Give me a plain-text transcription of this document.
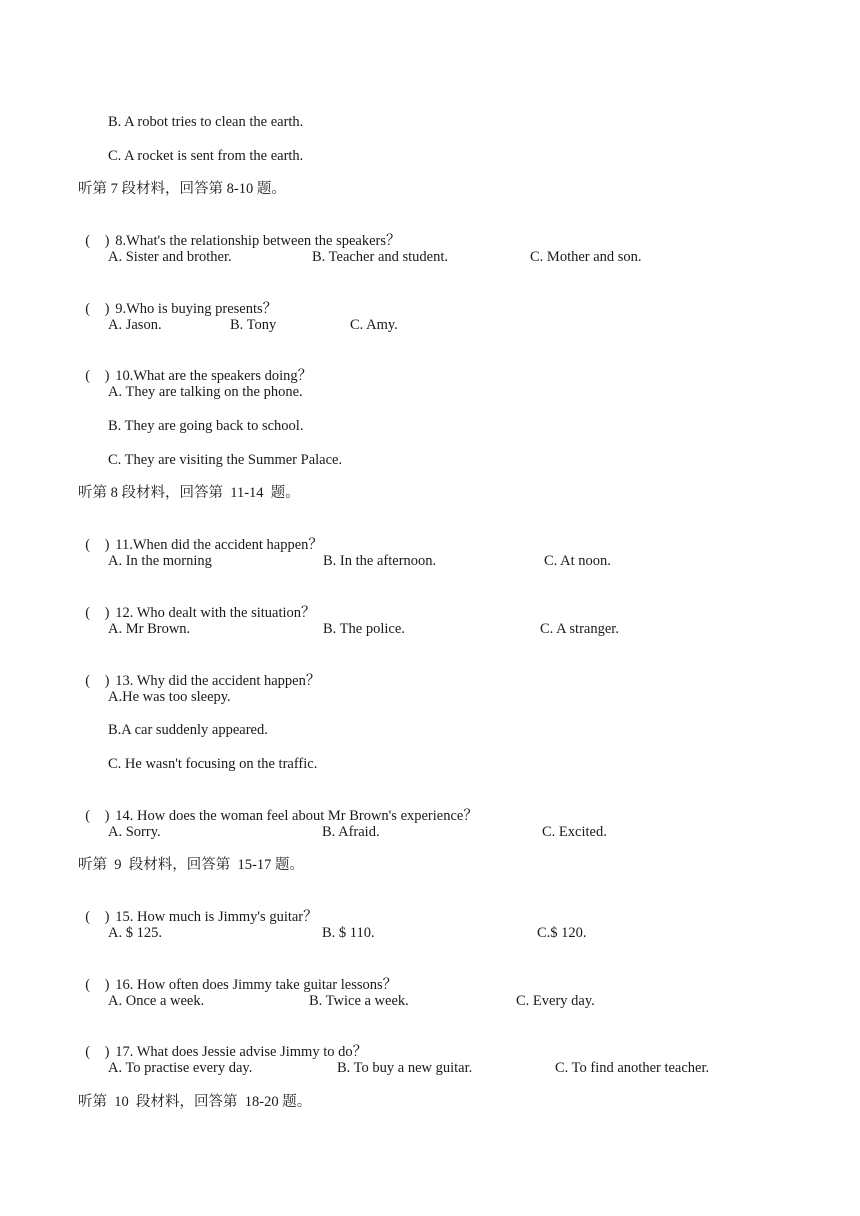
B. A robot tries to clean the earth.
C. A rocket is sent from the earth.
听第 7 段材料，回答第 8-10 题。

(    ) 8.What's the relationship between the speakers？

A. Sister and brother.	B. Teacher and student.	C. Mother and son.

(    ) 9.Who is buying presents？

A. Jason.	B. Tony	C. Amy.

(    ) 10.What are the speakers doing？

A. They are talking on the phone.
B. They are going back to school.
C. They are visiting the Summer Palace.
听第 8 段材料，回答第  11-14  题。

(    ) 11.When did the accident happen？

A. In the morning	B. In the afternoon.	C. At noon.

(    ) 12. Who dealt with the situation？

A. Mr Brown.	B. The police.	C. A stranger.

(    ) 13. Why did the accident happen？

A.He was too sleepy.
B.A car suddenly appeared.
C. He wasn't focusing on the traffic.

(    ) 14. How does the woman feel about Mr Brown's experience？

A. Sorry.	B. Afraid.	C. Excited.
听第  9  段材料，回答第  15-17 题。

(    ) 15. How much is Jimmy's guitar？

A. $ 125.	B. $ 110.	C.$ 120.

(    ) 16. How often does Jimmy take guitar lessons？

A. Once a week.	B. Twice a week.	C. Every day.

(    ) 17. What does Jessie advise Jimmy to do？

A. To practise every day.	B. To buy a new guitar.	C. To find another teacher.
听第  10  段材料，回答第  18-20 题。
